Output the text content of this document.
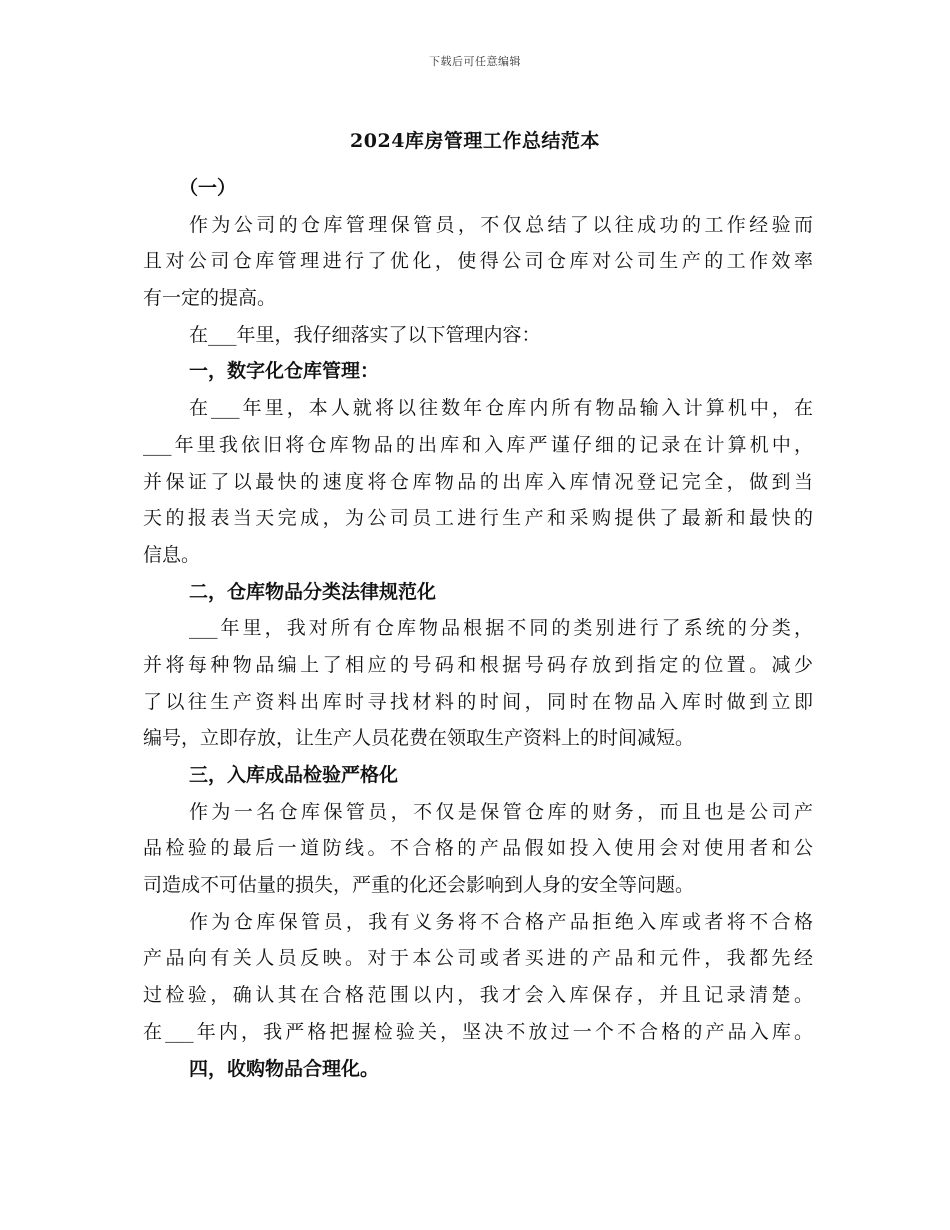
下载后可任意编辑
2024库房管理工作总结范本
（一）
作为公司的仓库管理保管员，不仅总结了以往成功的工作经验而
且对公司仓库管理进行了优化，使得公司仓库对公司生产的工作效率
有一定的提高。
在___年里，我仔细落实了以下管理内容：
一，数字化仓库管理：
在___年里，本人就将以往数年仓库内所有物品输入计算机中，在
___年里我依旧将仓库物品的出库和入库严谨仔细的记录在计算机中，
并保证了以最快的速度将仓库物品的出库入库情况登记完全，做到当
天的报表当天完成，为公司员工进行生产和采购提供了最新和最快的
信息。
二，仓库物品分类法律规范化
___年里，我对所有仓库物品根据不同的类别进行了系统的分类，
并将每种物品编上了相应的号码和根据号码存放到指定的位置。减少
了以往生产资料出库时寻找材料的时间，同时在物品入库时做到立即
编号，立即存放，让生产人员花费在领取生产资料上的时间减短。
三，入库成品检验严格化
作为一名仓库保管员，不仅是保管仓库的财务，而且也是公司产
品检验的最后一道防线。不合格的产品假如投入使用会对使用者和公
司造成不可估量的损失，严重的化还会影响到人身的安全等问题。
作为仓库保管员，我有义务将不合格产品拒绝入库或者将不合格
产品向有关人员反映。对于本公司或者买进的产品和元件，我都先经
过检验，确认其在合格范围以内，我才会入库保存，并且记录清楚。
在___年内，我严格把握检验关，坚决不放过一个不合格的产品入库。
四，收购物品合理化。
